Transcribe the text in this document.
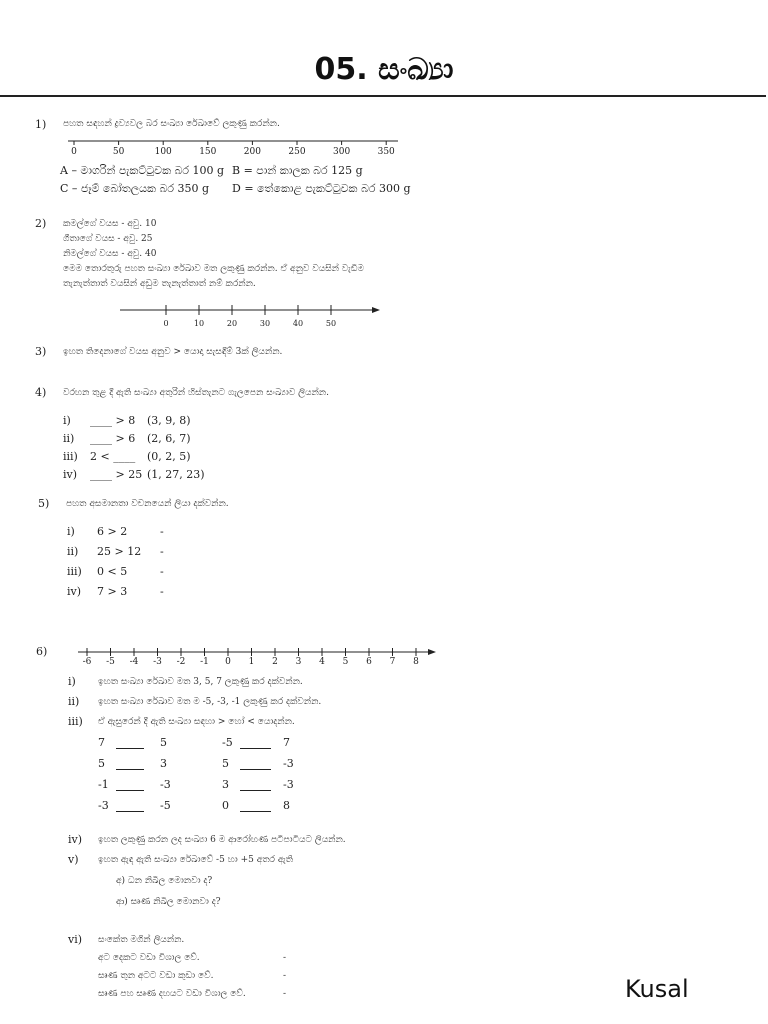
05. සංඛ්‍යා
1) පහත සඳහන් ද්‍රව්‍යවල බර සංඛ්‍යා රේඛාවේ ලකුණු කරන්න.
0	50	100	150	200	250	300	350
A – මාගරින් පැකට්ටුවක බර 100 g B = පාන් කාලක බර 125 g
C – ජෑම් බෝතලයක බර 350 g D = තේකොළ පැකට්ටුවක බර 300 g
2) කමල්ගේ වයස - අවු. 10
ගීතාගේ වයස - අවු. 25
නිමල්ගේ වයස - අවු. 40
මෙම තොරතුරු පහත සංඛ්‍යා රේඛාව මත ලකුණු කරන්න. ඒ අනුව වයසින් වැඩිම
තැනැත්තාත් වයසින් අඩුම තැනැත්තාත් නම් කරන්න.
0	10	20	30	40	50
3) ඉහත තිදෙනාගේ වයස අනුව > යොදා සැසඳීම් 3ක් ලියන්න.
4) වරහන තුළ දී ඇති සංඛ්‍යා අතුරින් හිස්තැනට ගැලපෙන සංඛ්‍යාව ලියන්න.
i) ____ > 8 (3, 9, 8)
ii) ____ > 6 (2, 6, 7)
iii) 2 < ____ (0, 2, 5)
iv) ____ > 25 (1, 27, 23)
5) පහත අසමානතා වචනයෙන් ලියා දක්වන්න.
i) 6 > 2	-
ii) 25 > 12 -
iii) 0 < 5	-
iv) 7 > 3	-
6)
-6 -5 -4 -3 -2 -1 0 1 2 3 4 5 6 7 8
i) ඉහත සංඛ්‍යා රේඛාව මත 3, 5, 7 ලකුණු කර දක්වන්න.
ii) ඉහත සංඛ්‍යා රේඛාව මත ම -5, -3, -1 ලකුණු කර දක්වන්න.
iii) ඒ ඇසුරෙන් දී ඇති සංඛ්‍යා සඳහා > හෝ < යොදන්න.
7	5	-5	7
5	3	5	-3
-1	-3	3	-3
-3	-5	0	8
iv) ඉහත ලකුණු කරන ලද සංඛ්‍යා 6 ම ආරෝහණ පටිපාටියට ලියන්න.
v) ඉහත ඇඳ ඇති සංඛ්‍යා රේඛාවේ -5 හා +5 අතර ඇති
අ) ධන නිඛිල මොනවා ද?
ආ) සෘණ නිඛිල මොනවා ද?
vi) සංකේත මගින් ලියන්න.
අට දෙකට වඩා විශාල වේ.	-
සෘණ තුන අටට වඩා කුඩා වේ.	-
සෘණ පහ සෘණ දහයට වඩා විශාල වේ.	-	Kusal
